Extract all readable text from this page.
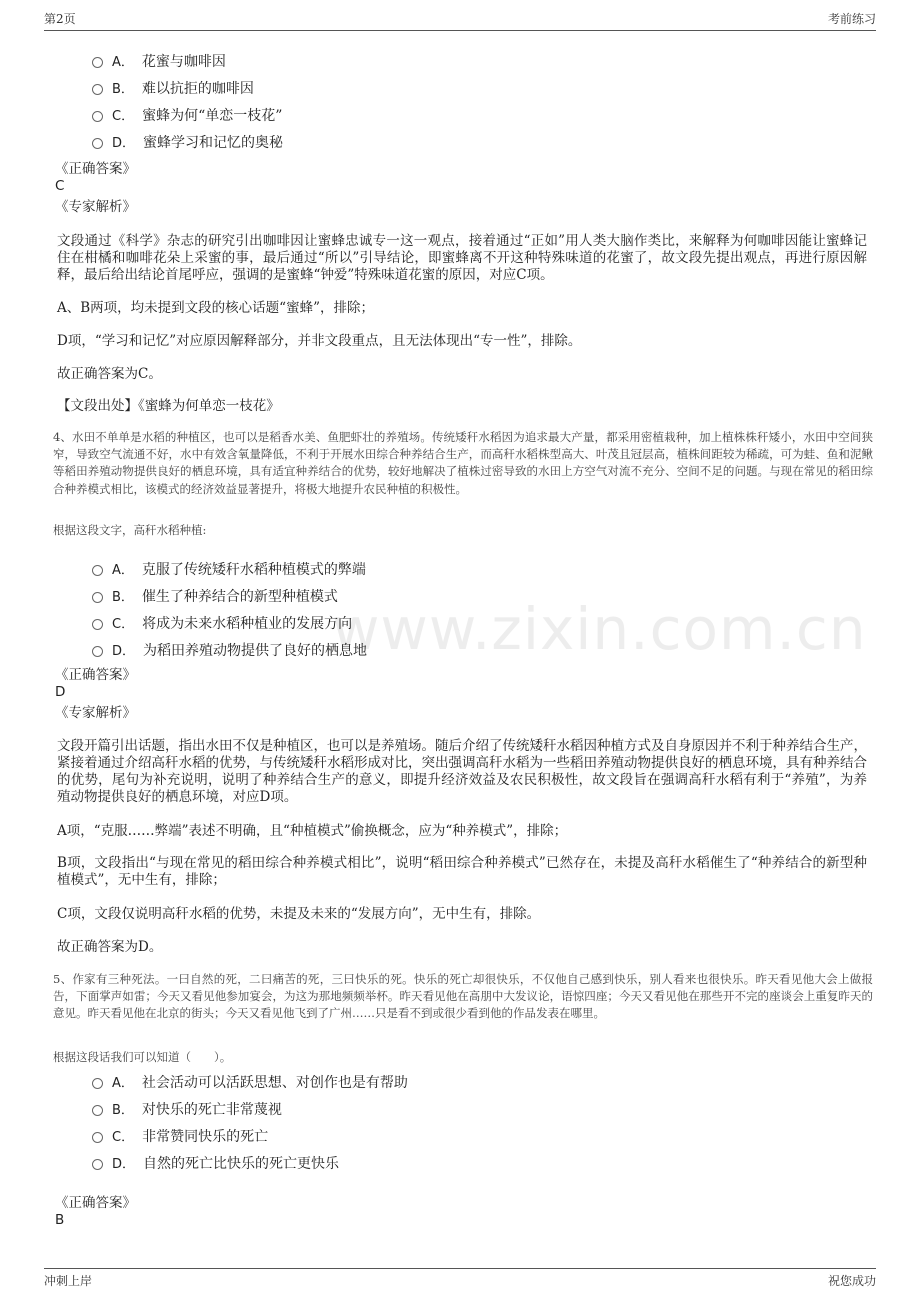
第2页	考前练习
www.zixin.com.cn
A． 花蜜与咖啡因
B． 难以抗拒的咖啡因
C． 蜜蜂为何“单恋一枝花”
D． 蜜蜂学习和记忆的奥秘
《正确答案》
C
《专家解析》
文段通过《科学》杂志的研究引出咖啡因让蜜蜂忠诚专一这一观点，接着通过“正如”用人类大脑作类比，来解释为何咖啡因能让蜜蜂记住在柑橘和咖啡花朵上采蜜的事，最后通过“所以”引导结论，即蜜蜂离不开这种特殊味道的花蜜了，故文段先提出观点，再进行原因解释，最后给出结论首尾呼应，强调的是蜜蜂“钟爱”特殊味道花蜜的原因，对应C项。
A、B两项，均未提到文段的核心话题“蜜蜂”，排除；
D项，“学习和记忆”对应原因解释部分，并非文段重点，且无法体现出“专一性”，排除。
故正确答案为C。
【文段出处】《蜜蜂为何单恋一枝花》
4、水田不单单是水稻的种植区，也可以是稻香水美、鱼肥虾壮的养殖场。传统矮秆水稻因为追求最大产量，都采用密植栽种，加上植株株秆矮小，水田中空间狭窄，导致空气流通不好，水中有效含氧量降低，不利于开展水田综合种养结合生产，而高秆水稻株型高大、叶茂且冠层高，植株间距较为稀疏，可为蛙、鱼和泥鳅等稻田养殖动物提供良好的栖息环境，具有适宜种养结合的优势，较好地解决了植株过密导致的水田上方空气对流不充分、空间不足的问题。与现在常见的稻田综合种养模式相比，该模式的经济效益显著提升，将极大地提升农民种植的积极性。
根据这段文字，高秆水稻种植:
A． 克服了传统矮秆水稻种植模式的弊端
B． 催生了种养结合的新型种植模式
C． 将成为未来水稻种植业的发展方向
D． 为稻田养殖动物提供了良好的栖息地
《正确答案》
D
《专家解析》
文段开篇引出话题，指出水田不仅是种植区，也可以是养殖场。随后介绍了传统矮秆水稻因种植方式及自身原因并不利于种养结合生产，紧接着通过介绍高秆水稻的优势，与传统矮秆水稻形成对比，突出强调高秆水稻为一些稻田养殖动物提供良好的栖息环境，具有种养结合的优势，尾句为补充说明，说明了种养结合生产的意义，即提升经济效益及农民积极性，故文段旨在强调高秆水稻有利于“养殖”，为养殖动物提供良好的栖息环境，对应D项。
A项，“克服……弊端”表述不明确，且“种植模式”偷换概念，应为“种养模式”，排除；
B项，文段指出“与现在常见的稻田综合种养模式相比”，说明“稻田综合种养模式”已然存在，未提及高秆水稻催生了“种养结合的新型种植模式”，无中生有，排除；
C项，文段仅说明高秆水稻的优势，未提及未来的“发展方向”，无中生有，排除。
故正确答案为D。
5、作家有三种死法。一曰自然的死，二曰痛苦的死，三曰快乐的死。快乐的死亡却很快乐，不仅他自己感到快乐，别人看来也很快乐。昨天看见他大会上做报告，下面掌声如雷；今天又看见他参加宴会，为这为那地频频举杯。昨天看见他在高朋中大发议论，语惊四座；今天又看见他在那些开不完的座谈会上重复昨天的意见。昨天看见他在北京的街头；今天又看见他飞到了广州……只是看不到或很少看到他的作品发表在哪里。
根据这段话我们可以知道（　　）。
A． 社会活动可以活跃思想、对创作也是有帮助
B． 对快乐的死亡非常蔑视
C． 非常赞同快乐的死亡
D． 自然的死亡比快乐的死亡更快乐
《正确答案》
B
冲刺上岸	祝您成功
